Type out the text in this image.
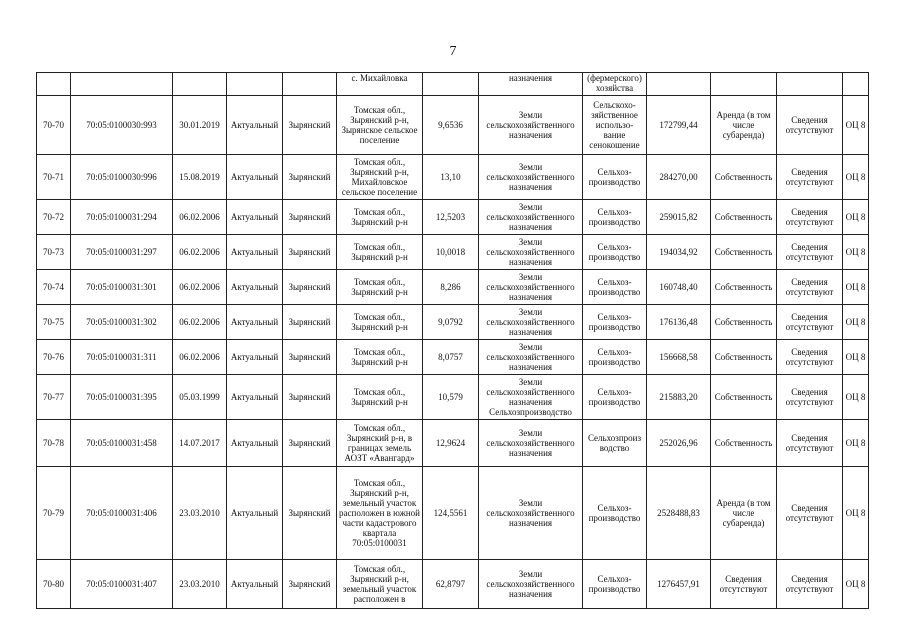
7
					с. Михайловка		назначения	(фермерского) хозяйства				
70-70	70:05:0100030:993	30.01.2019	Актуальный	Зырянский	Томская обл., Зырянский р-н, Зырянское сельское поселение	9,6536	Земли сельскохозяйственного назначения	Сельскохо-зяйственное использо-вание сенокошение	172799,44	Аренда (в том числе субаренда)	Сведения отсутствуют	ОЦ 8
70-71	70:05:0100030:996	15.08.2019	Актуальный	Зырянский	Томская обл., Зырянский р-н, Михайловское сельское поселение	13,10	Земли сельскохозяйственного назначения	Сельхоз-производство	284270,00	Собственность	Сведения отсутствуют	ОЦ 8
70-72	70:05:0100031:294	06.02.2006	Актуальный	Зырянский	Томская обл., Зырянский р-н	12,5203	Земли сельскохозяйственного назначения	Сельхоз-производство	259015,82	Собственность	Сведения отсутствуют	ОЦ 8
70-73	70:05:0100031:297	06.02.2006	Актуальный	Зырянский	Томская обл., Зырянский р-н	10,0018	Земли сельскохозяйственного назначения	Сельхоз-производство	194034,92	Собственность	Сведения отсутствуют	ОЦ 8
70-74	70:05:0100031:301	06.02.2006	Актуальный	Зырянский	Томская обл., Зырянский р-н	8,286	Земли сельскохозяйственного назначения	Сельхоз-производство	160748,40	Собственность	Сведения отсутствуют	ОЦ 8
70-75	70:05:0100031:302	06.02.2006	Актуальный	Зырянский	Томская обл., Зырянский р-н	9,0792	Земли сельскохозяйственного назначения	Сельхоз-производство	176136,48	Собственность	Сведения отсутствуют	ОЦ 8
70-76	70:05:0100031:311	06.02.2006	Актуальный	Зырянский	Томская обл., Зырянский р-н	8,0757	Земли сельскохозяйственного назначения	Сельхоз-производство	156668,58	Собственность	Сведения отсутствуют	ОЦ 8
70-77	70:05:0100031:395	05.03.1999	Актуальный	Зырянский	Томская обл., Зырянский р-н	10,579	Земли сельскохозяйственного назначения Сельхозпроизводство	Сельхоз-производство	215883,20	Собственность	Сведения отсутствуют	ОЦ 8
70-78	70:05:0100031:458	14.07.2017	Актуальный	Зырянский	Томская обл., Зырянский р-н, в границах земель АОЗТ «Авангард»	12,9624	Земли сельскохозяйственного назначения	Сельхозпроиз водство	252026,96	Собственность	Сведения отсутствуют	ОЦ 8
70-79	70:05:0100031:406	23.03.2010	Актуальный	Зырянский	Томская обл., Зырянский р-н, земельный участок расположен в южной части кадастрового квартала 70:05:0100031	124,5561	Земли сельскохозяйственного назначения	Сельхоз-производство	2528488,83	Аренда (в том числе субаренда)	Сведения отсутствуют	ОЦ 8
70-80	70:05:0100031:407	23.03.2010	Актуальный	Зырянский	Томская обл., Зырянский р-н, земельный участок расположен в	62,8797	Земли сельскохозяйственного назначения	Сельхоз-производство	1276457,91	Сведения отсутствуют	Сведения отсутствуют	ОЦ 8
